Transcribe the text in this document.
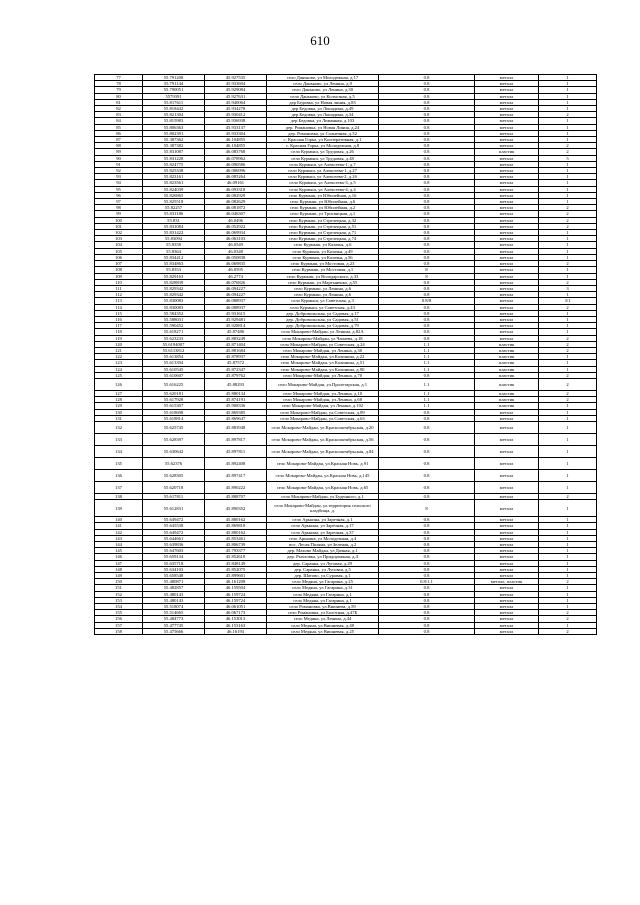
610
77	55.791208	45.927535	село Даньково, ул Молодежная, д.17	0.8	металл	1
78	55.791144	45.933694	село Даньково, ул Ленина, д.9	0.8	металл	1
79	55.790051	45.929084	село Даньково, ул Ленина, д.30	0.8	металл	1
80	5579391	45.927631	село Даньково, ул Колхозная, д.5	0.8	металл	1
81	55.817611	45.940064	дер Бедовка, ул Новая линия, д.83	0.8	металл	1
82	55.818442	45.934278	дер Бедовка, ул Лошадина, д.49	0.8	металл	1
83	55.821304	45.930412	дер Бедовка, ул Лошадина, д.34	0.8	металл	2
84	55.815983	45.936938	дер Бедовка, ул Лиманная, д.103	0.8	металл	1
85	55.806363	45.933137	дер. Романовка, ул Новая Линия, д.24	0.8	металл	1
86	55.802391	45.933304	дер. Романовка, ул Солнечная, д.52	0.8	металл	1
87	55.387362	46.104855	с. Красная Горка, ул Кооперативная, д.1	0.8	металл	1
88	55.387382	46.104855	с. Красная Горка, ул Молодежная, д.8	0.8	металл	2
89	55.831087	46.083768	село Курмыш, ул Трудовая, д.26	0.8	пластик	2
90	55.831228	46.078962	село Курмыш, ул Трудовая, д.48	0.8	металл	5
91	55.824775	46.090586	село Курмыш, ул Алексеева-1, д.7	0.8	металл	1
92	55.825338	46.086996	село Курмыш, ул Алексеева-1, д.27	0.8	металл	1
93	55.823161	46.085264	село Курмыш, ул Алексеева-2, д.2б	0.8	металл	1
94	55.823561	46.09161	село Курмыш, ул Алексеева-3, д.5	0.8	металл	1
95	55.824039	46.093318	село Курмыш, ул Алексеева-4, д.4	0.8	металл	1
96	55.826865	46.082929	село Курмыш, ул Юбилейная, д.16	0.8	металл	1
97	55.825518	46.082629	село Курмыш, ул Юбилейная, д.6	0.8	металл	1
98	55.82257	46.081872	село Курмыш, ул Юбилейная, д.2	0.8	металл	2
99	55.831186	46.046307	село Курмыш, ул Трисвицкая, д.1	0.8	металл	2
100	55.831	46.0496	село Курмыш, ул Стрелецкая, д.32	0.8	металл	2
101	55.831084	46.052922	село Курмыш, ул Стрелецкая, д.51	0.8	металл	2
102	55.831422	46.069934	село Курмыш, ул Стрелецкая, д.71	0.8	металл	1
103	55.83094	46.063103	село Курмыш, ул Стрелецкая, д.74	0.8	металл	1
104	55.8358	46.0549	село Курмыш, ул Казачья, д.6	0.8	металл	1
105	55.8364	46.0348	село Курмыш, ул Казачья, д.49	0.8	металл	1
106	55.834412	46.050838	село Курмыш, ул Казачья, д.56	0.8	металл	1
107	55.834863	46.069835	село Курмыш, ул Мостовая, д.23	0.8	металл	2
108	55.8353	46.0595	село Курмыш, ул Мостовая, д.1	8	металл	1
109	55.829163	46.2774	село Курмыш, ул Володарского, д.33	8	металл	1
110	55.828839	46.076826	село Курмыш, ул Мартыненко, д.55	0.8	металл	2
111	55.829342	46.094227	село Курмыш, ул Ленина, д.6	0.8	металл	3
112	55.829342	46.094227	село Курмыш, ул Ленина, д.6	0.8	металл	1
113	55.830083	46.088937	село Курмыш, ул Советская, д.3	0.8/8	металл	3/1
114	55.830083	46.088937	село Курмыш, ул Советская, д.43	0.8	металл	2
115	55.584352	45.931615	дер. Добровольская, ул Садовая, д.17	0.8	металл	1
116	55.588031	45.929481	дер. Добровольская, ул Садовая, д.51	0.8	металл	1
117	55.590452	45.928814	дер. Добровольская, ул Садовая, д.79	0.8	металл	1
118	55.618271	45.87486	село Мокарово-Майдан, ул Ленина, д.82А	0.8	металл	1
119	55.623233	45.883249	село Мокарово-Майдан, ул Чапаева, д.18	0.8	металл	2
120	55.6194007	45.871404	село Мокарово-Майдан, ул Советская, д.24	1.1	пластик	2
121	55.6113812	45.881684	село Мокарово-Майдан, ул Ленина, д.30	1.1	пластик	2
122	55.613854	45.878937	село Мокарово-Майдан, ул.Калинина, д.22	1.1	пластик	1
123	55.613394	45.87572	село Мокарово-Майдан, ул Калинина, д.51	1.1	пластик	1
124	55.610545	45.872347	село Мокарово-Майдан, ул Калинина, д.90	1.1	пластик	1
125	55.610607	45.879762	село Мокарово-Майдан, ул Ленина, д.70	0.8	пластик	2
126	55.616225	45.88293	село Мокарово-Майдан, ул.Пролетарская, д.1	1.1	пластик	2
127	55.620181	45.880134	село Мокарово-Майдан, ул.Ленина, д.10	1.1	пластик	2
128	55.617928	45.874191	село Мокарово-Майдан, ул.Ленина, д.68	1.1	пластик	2
129	55.615307	45.908336	село Мокарово-Майдан, ул Ленина, д.102	1.1	пластик	1
130	55.618698	45.869385	село Мокарово-Майдан, ул.Советская, д.89	0.8	металл	1
131	55.618814	45.869647	село Мокарово-Майдан, ул.Советская, д.63	0.8	металл	1
132	55.625745	45.883948	село Мокарово-Майдан, ул.Красноактябрьская, д.20	0.8	металл	1
133	55.628397	45.897817	село Мокарово-Майдан, ул.Красноактябрьская, д.56	0.8	металл	1
134	55.630642	45.897811	село Мокарово-Майдан, ул.Красноактябрьская, д.84	0.8	металл	1
135	55.62376	45.892408	село Мокарово-Майдан, ул.Красная Новь, д.91	0.8	металл	1
136	55.628305	45.897417	село Мокарово-Майдан, ул.Красная Новь, д.145	0.8	металл	1
137	55.620718	45.890222	село Мокарово-Майдан, ул.Красная Новь, д.65	0.8	металл	1
138	55.617811	45.888707	село Мокарово-Майдан, ул Буденного, д.1	0.8	металл	2
139	55.612831	45.890352	село Мокарово-Майдан, ул.территория сельского кладбища, д.	8	металл	1
140	55.649472	45.880162	село Арькина, ул Заречная, д.1	0.8	металл	1
141	55.645538	45.869818	село Арькина, ул Заречная, д.17	0.8	металл	1
142	55.649472	45.880162	село Арькина, ул Заречная, д.37	0.8	металл	1
143	55.644661	45.853461	село Арькина, ул Молодежная, д.4	0.8	металл	1
144	55.639836	45.806739	пос. Лесая Поляна, ул Зеленая, д.2	0.8	металл	1
145	55.647603	45.793377	дер. Махово Майдан, ул Дачная, д.1	0.8	металл	1
146	55.659134	45.852618	дер. Рыхловка, ул Придорожная, д.4	0.8	металл	1
147	55.635718	45.848149	дер. Саранка, ул Луговая, д.29	0.8	металл	1
148	55.634103	45.852075	дер. Саранка, ул Луговая, д.5	0.8	металл	1
149	55.658548	45.899601	дер. Шатово, ул.Суровая, д.1	0.8	металл	1
150	55.480871	46.161208	село Медяна, ул Гагарина, д.25	0.8/1.1	металл, пластик	2
151	55.482857	46.159504	село Медяна, ул Гагарина, д.31	0.8	металл	1
152	55.480143	46.159724	село Медяна, ул Гагарина, д.1	0.8	металл	1
153	55.480143	46.159724	село Медяна, ул Гагарина, д.1	0.8	металл	1
154	55.518074	46.061051	село Романовка, ул.Вишнева, д.59	0.8	металл	1
155	55.514665	46.067173	село Романовка, ул Болотная, д.47Б	0.8	металл	2
156	55.484773	46.153013	село Медяна, ул.Ленина, д.44	0.8	металл	2
157	55.477745	46.153163	село Медяна, ул.Вишневая, д.48	0.8	металл	1
158	55.475666	46.16193	село Медяна, ул Вишневая, д.25	0.8	металл	2
